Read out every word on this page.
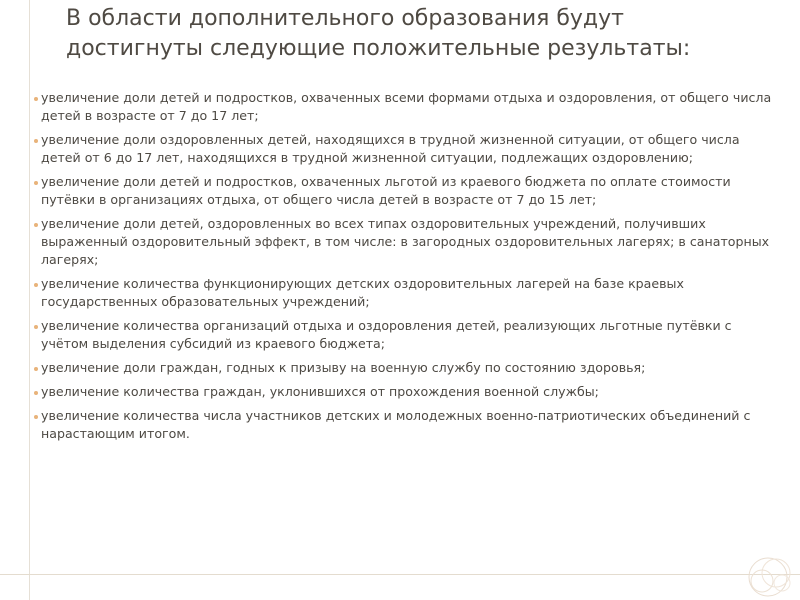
В области дополнительного образования будут достигнуты следующие положительные результаты:
увеличение доли детей и подростков, охваченных всеми формами отдыха и оздоровления, от общего числа детей в возрасте от 7 до 17 лет;
увеличение доли оздоровленных детей, находящихся в трудной жизненной ситуации, от общего числа детей от 6 до 17 лет, находящихся в трудной жизненной ситуации, подлежащих оздоровлению;
увеличение доли детей и подростков, охваченных льготой из краевого бюджета по оплате стоимости путёвки в организациях отдыха, от общего числа детей в возрасте от 7 до 15 лет;
увеличение доли детей, оздоровленных во всех типах оздоровительных учреждений, получивших выраженный оздоровительный эффект, в том числе: в загородных оздоровительных лагерях; в санаторных лагерях;
увеличение количества функционирующих детских оздоровительных лагерей на базе краевых государственных образовательных учреждений;
увеличение количества организаций отдыха и оздоровления детей, реализующих льготные путёвки с учётом выделения субсидий из краевого бюджета;
увеличение доли граждан, годных к призыву на военную службу по состоянию здоровья;
увеличение количества граждан, уклонившихся от прохождения военной службы;
увеличение количества числа участников детских и молодежных военно-патриотических объединений с нарастающим итогом.
